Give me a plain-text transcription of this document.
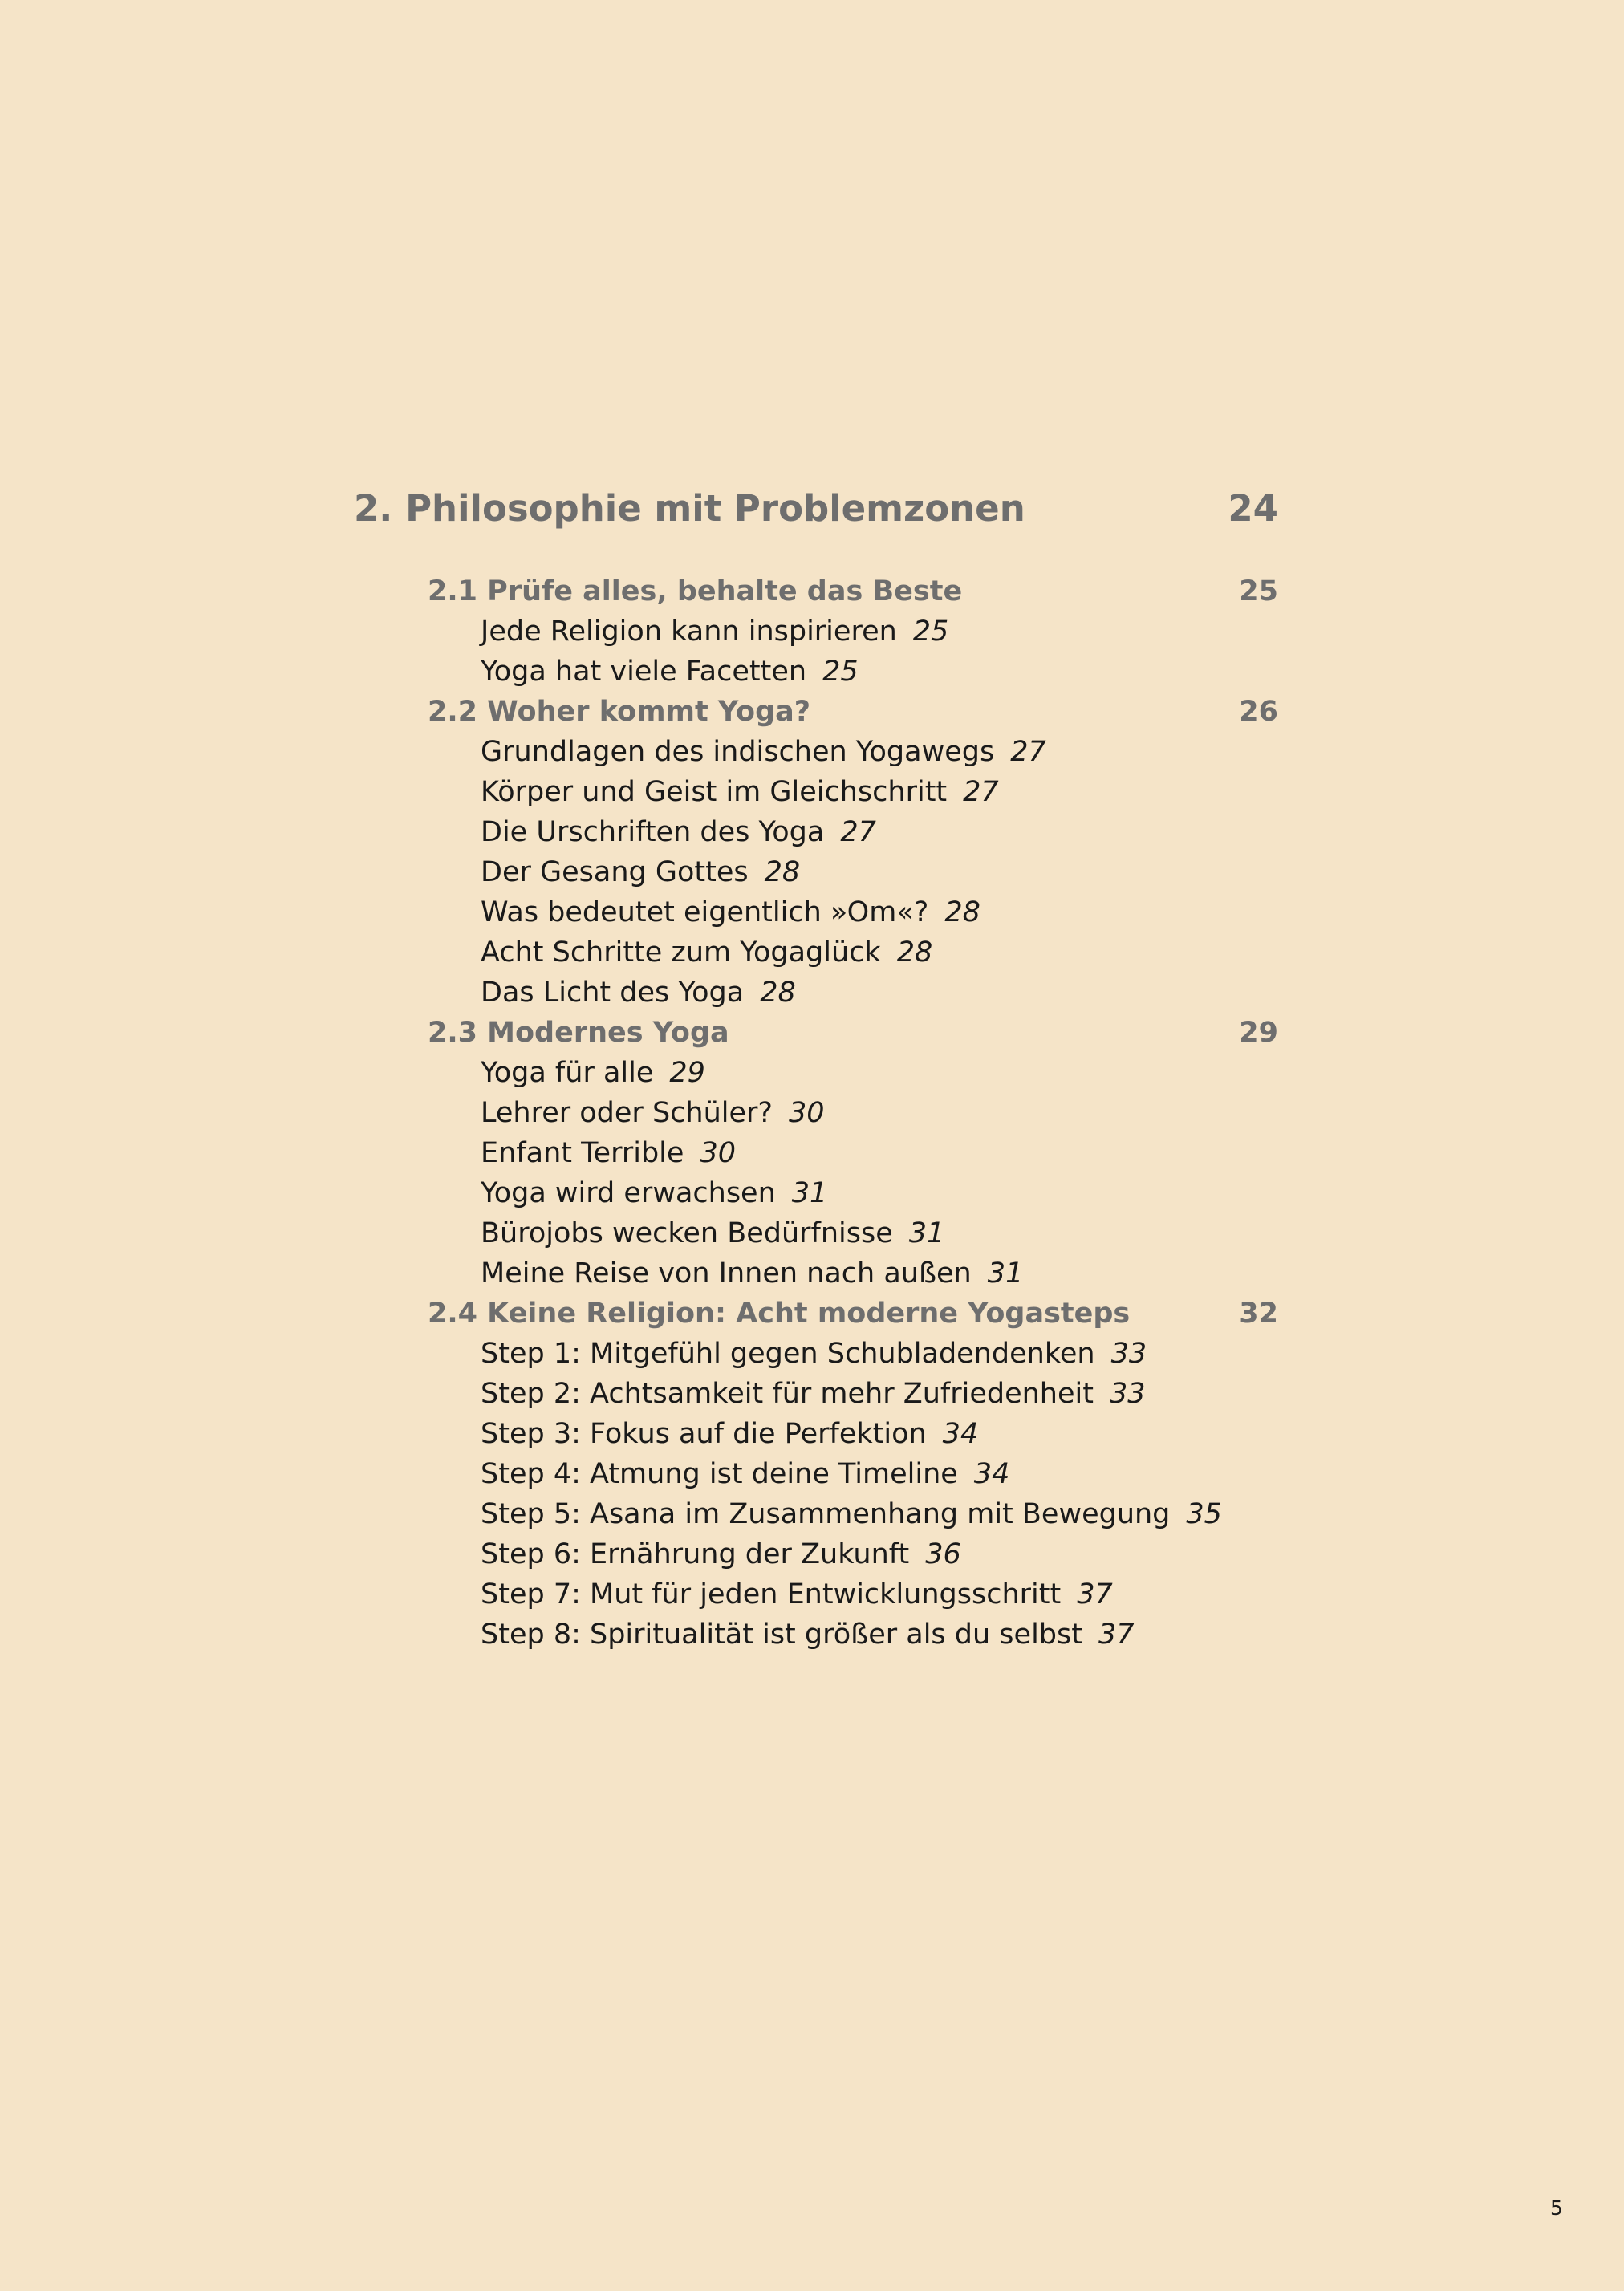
2. Philosophie mit Problemzonen	24
2.1 Prüfe alles, behalte das Beste	25
Jede Religion kann inspirieren 25
Yoga hat viele Facetten 25
2.2 Woher kommt Yoga?	26
Grundlagen des indischen Yogawegs 27
Körper und Geist im Gleichschritt 27
Die Urschriften des Yoga 27
Der Gesang Gottes 28
Was bedeutet eigentlich »Om«? 28
Acht Schritte zum Yogaglück 28
Das Licht des Yoga 28
2.3 Modernes Yoga	29
Yoga für alle 29
Lehrer oder Schüler? 30
Enfant Terrible 30
Yoga wird erwachsen 31
Bürojobs wecken Bedürfnisse 31
Meine Reise von Innen nach außen 31
2.4 Keine Religion: Acht moderne Yogasteps	32
Step 1: Mitgefühl gegen Schubladendenken 33
Step 2: Achtsamkeit für mehr Zufriedenheit 33
Step 3: Fokus auf die Perfektion 34
Step 4: Atmung ist deine Timeline 34
Step 5: Asana im Zusammenhang mit Bewegung 35
Step 6: Ernährung der Zukunft 36
Step 7: Mut für jeden Entwicklungsschritt 37
Step 8: Spiritualität ist größer als du selbst 37
5
